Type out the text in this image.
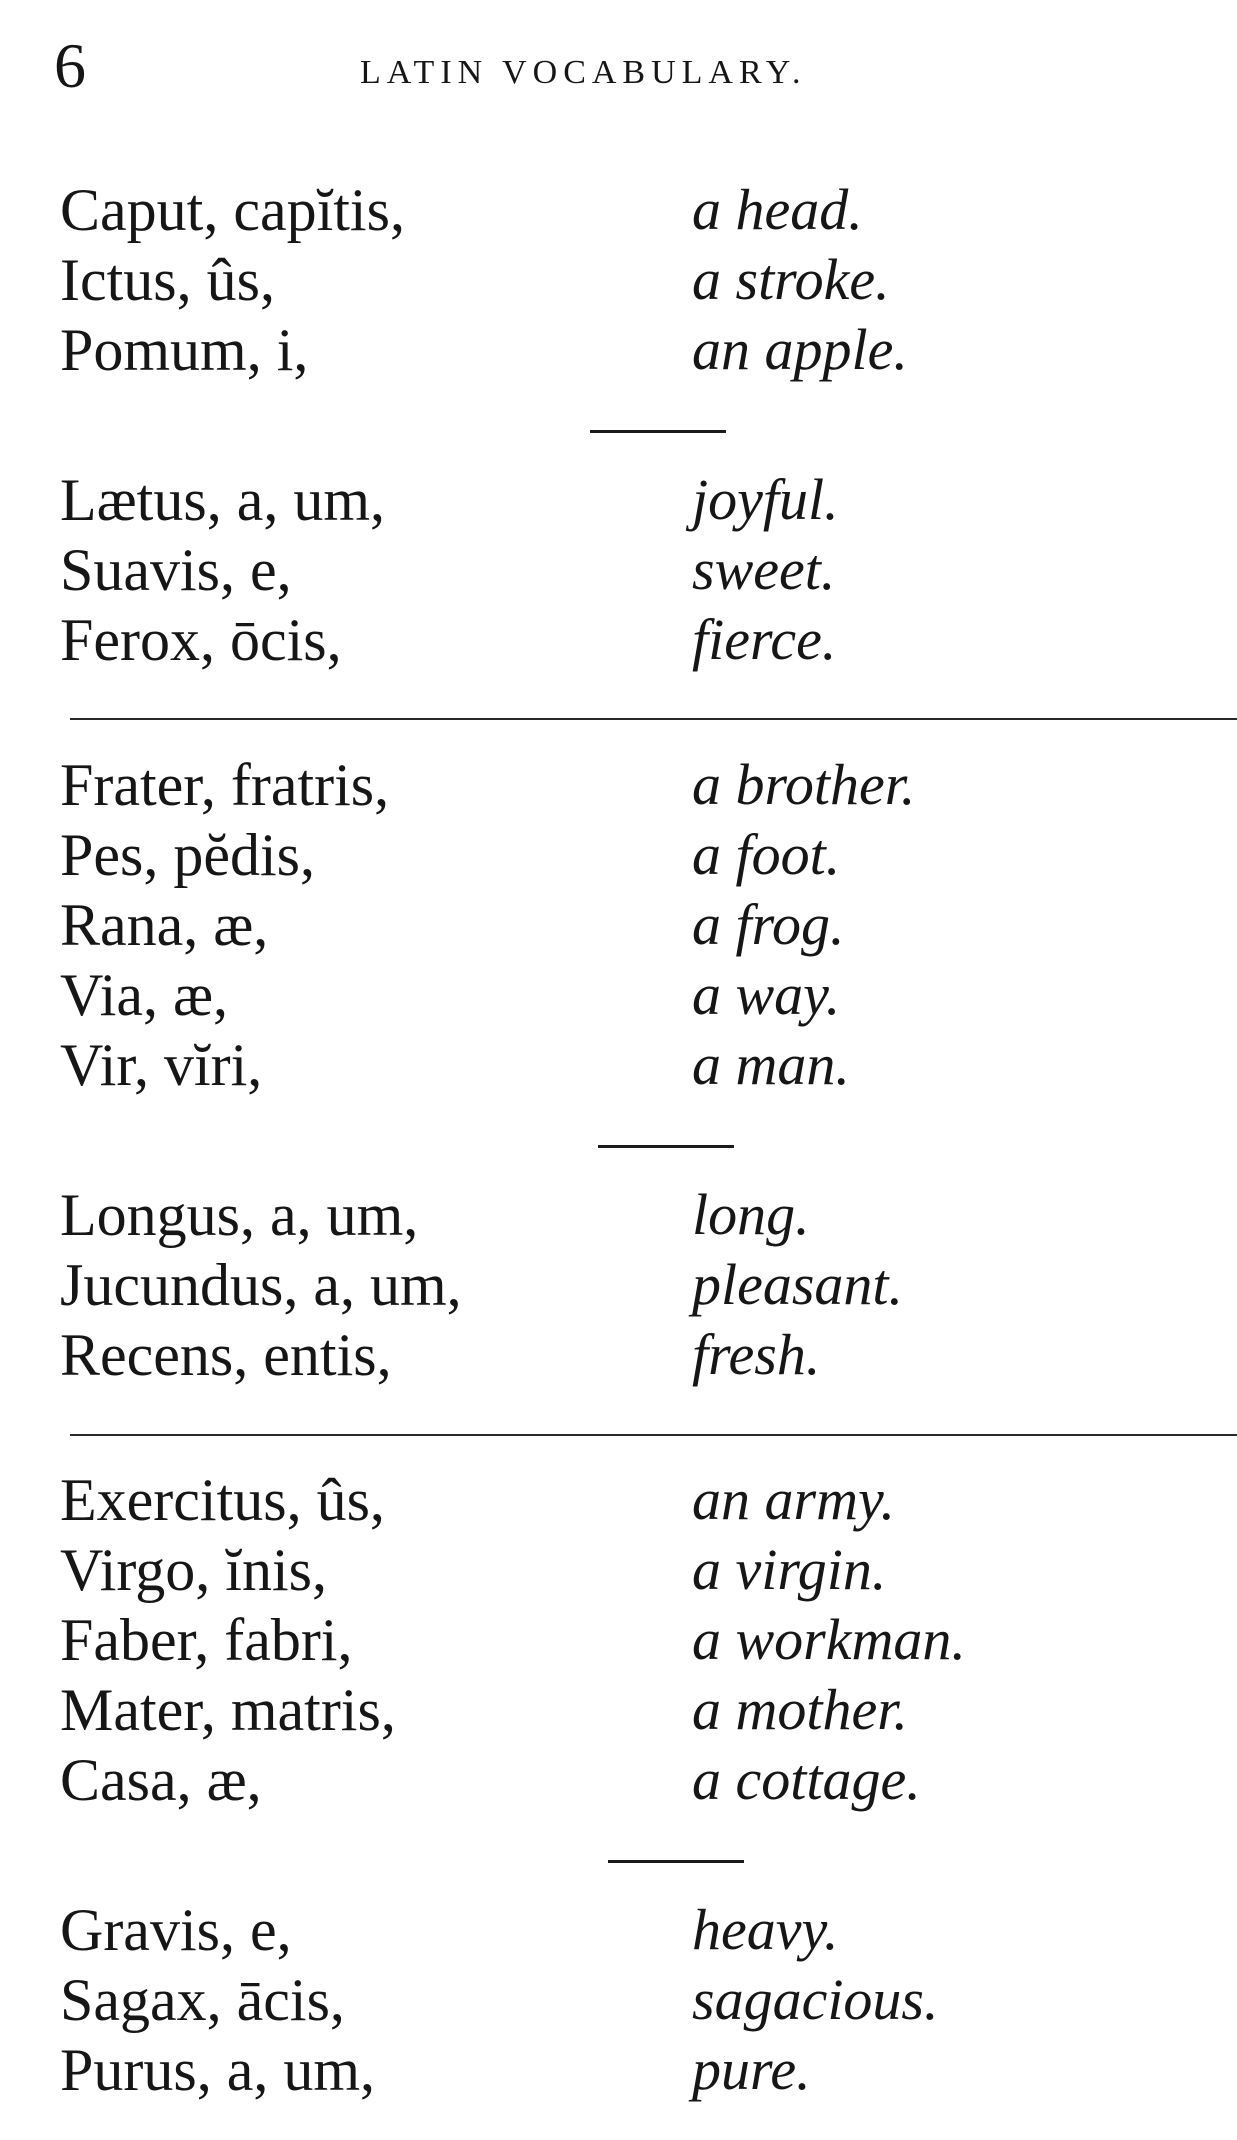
6	LATIN VOCABULARY.
Caput, capĭtis,	a head.
Ictus, ûs,	a stroke.
Pomum, i,	an apple.
Lætus, a, um,	joyful.
Suavis, e,	sweet.
Ferox, ōcis,	fierce.
Frater, fratris,	a brother.
Pes, pĕdis,	a foot.
Rana, æ,	a frog.
Via, æ,	a way.
Vir, vĭri,	a man.
Longus, a, um,	long.
Jucundus, a, um,	pleasant.
Recens, entis,	fresh.
Exercitus, ûs,	an army.
Virgo, ĭnis,	a virgin.
Faber, fabri,	a workman.
Mater, matris,	a mother.
Casa, æ,	a cottage.
Gravis, e,	heavy.
Sagax, ācis,	sagacious.
Purus, a, um,	pure.
